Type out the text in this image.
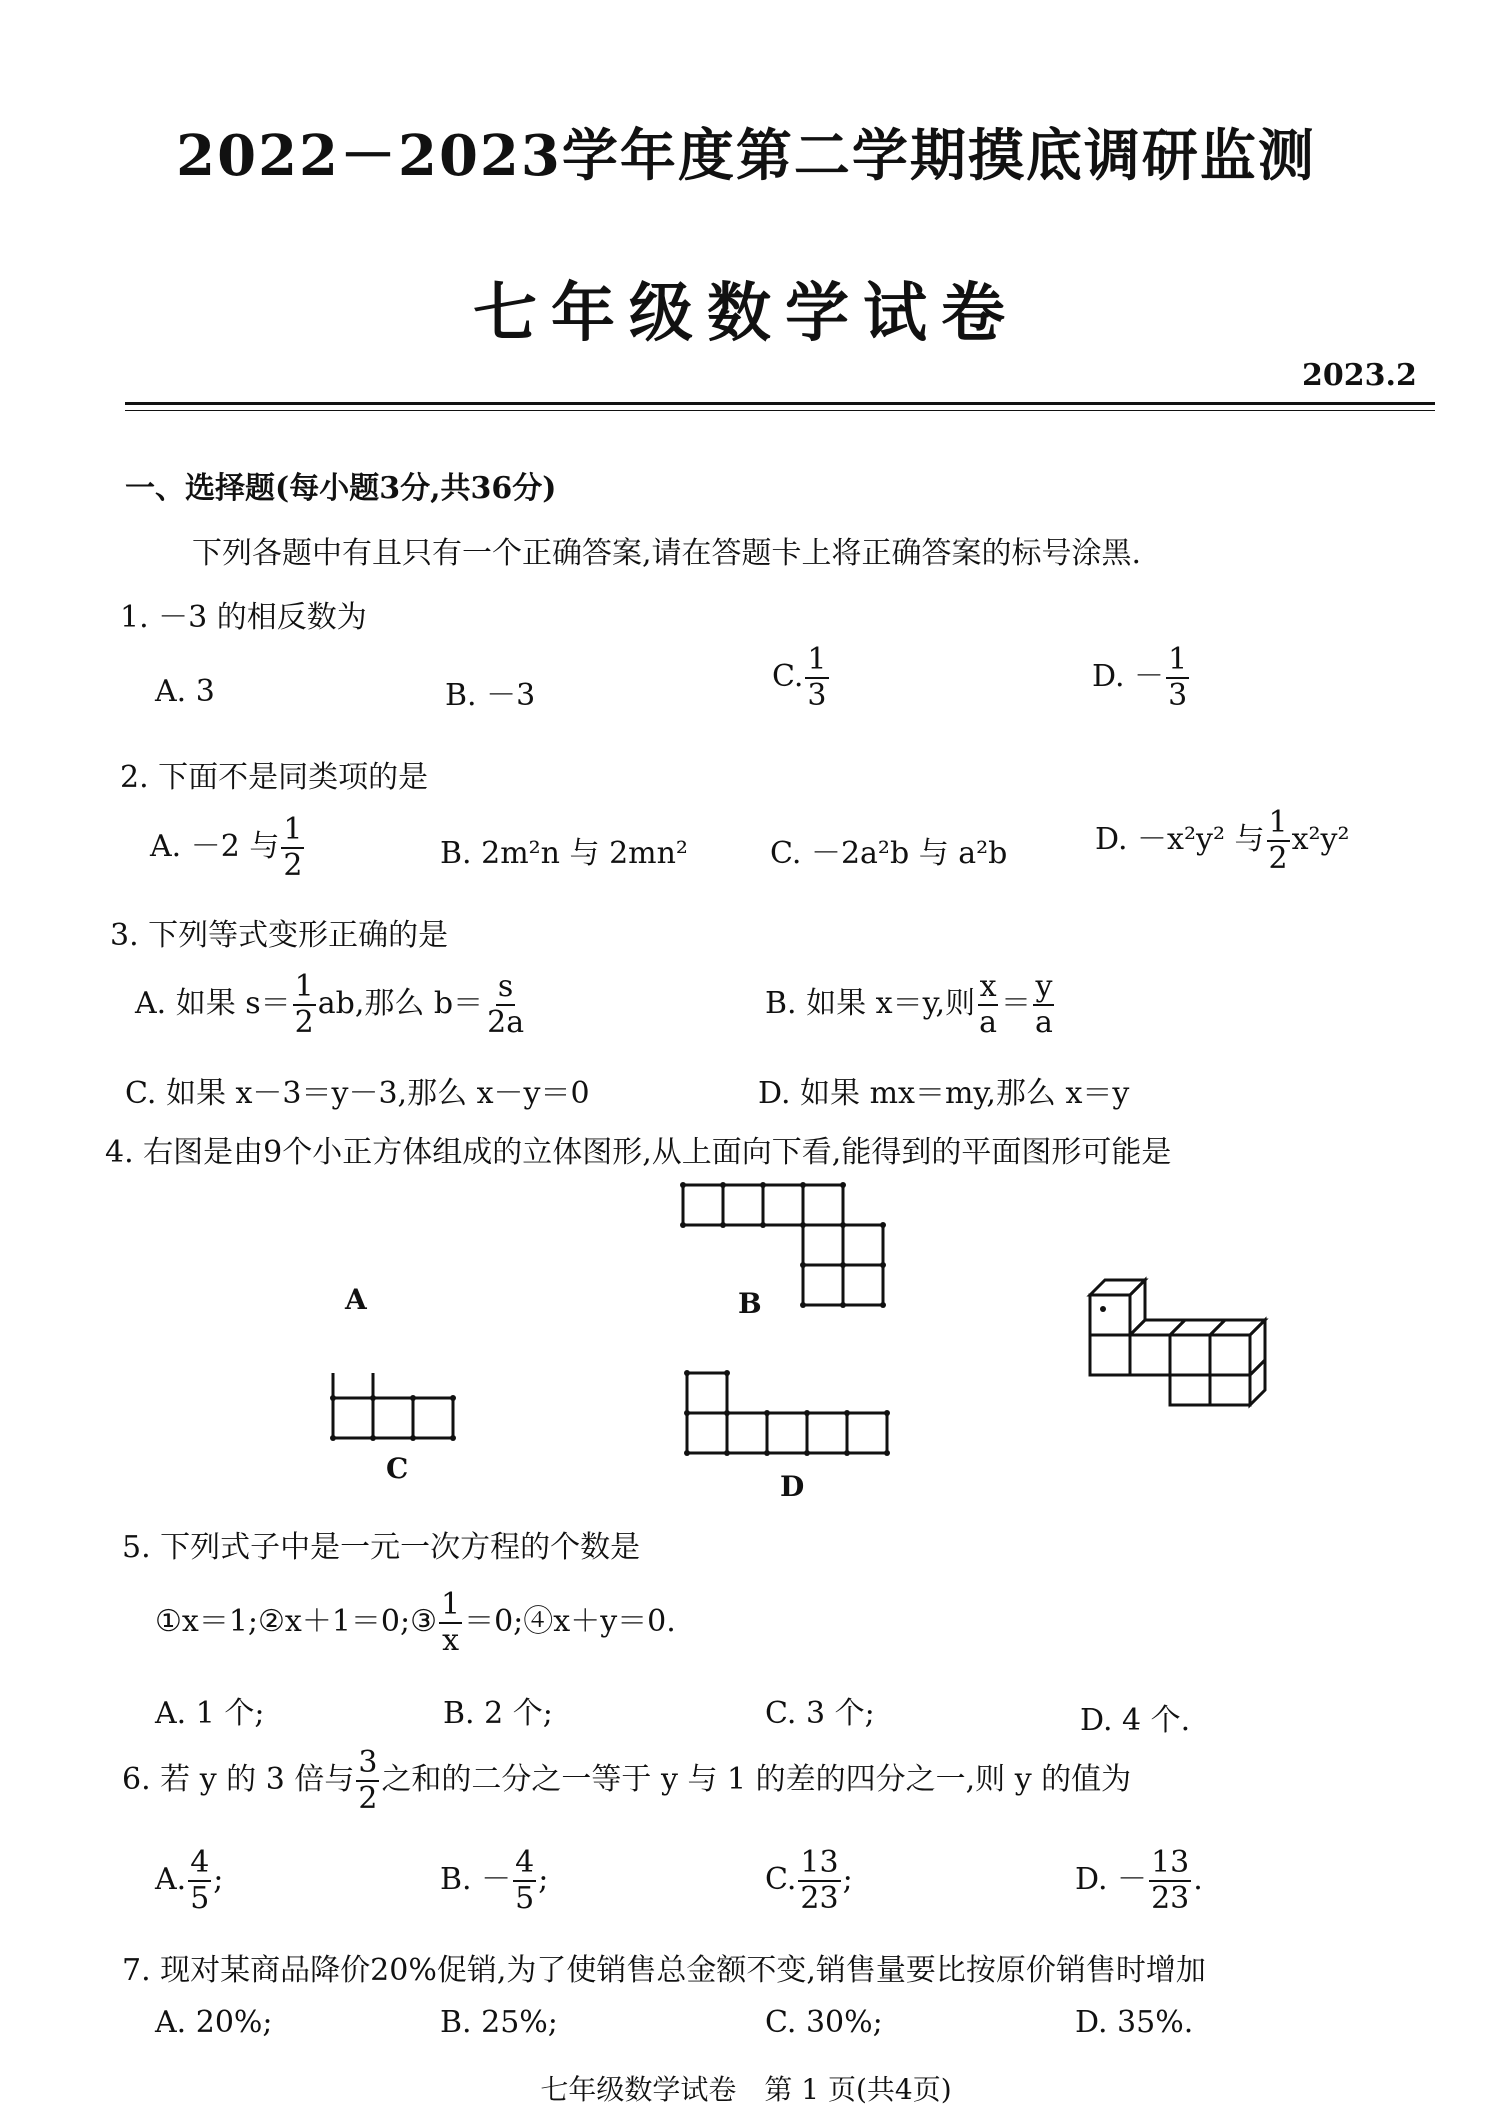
2022－2023学年度第二学期摸底调研监测
七年级数学试卷
2023.2
一、选择题(每小题3分,共36分)
下列各题中有且只有一个正确答案,请在答题卡上将正确答案的标号涂黑.
1. －3 的相反数为
A. 3	B. －3
C. $\frac{1}{3}$	D. － $\frac{1}{3}$
2. 下面不是同类项的是
A. －2 与 $\frac{1}{2}$	B. 2m²n 与 2mn²	C. －2a²b 与 a²b	D. －x²y² 与 $\frac{1}{2} x^2y^2$
3. 下列等式变形正确的是
A. 如果 $s= \frac{1}{2}$ ab,那么 $b= \frac{s}{2a}$	B. 如果 x＝y,则 $\frac{x}{a} = \frac{y}{a}$
C. 如果 x－3＝y－3,那么 x－y＝0	D. 如果 mx＝my,那么 x＝y
4. 右图是由9个小正方体组成的立体图形,从上面向下看,能得到的平面图形可能是
A	B
C
D
5. 下列式子中是一元一次方程的个数是
①x＝1;②x＋1＝0;③ $\frac{1}{x}$ ＝0;④x＋y＝0.
A. 1 个;	B. 2 个;	C. 3 个;	D. 4 个.
6. 若 y 的 3 倍与 $\frac{3}{2}$ 之和的二分之一等于 y 与 1 的差的四分之一,则 y 的值为
A. $\frac{4}{5}$ ;	B. － $\frac{4}{5}$ ;	C. $\frac{13}{23}$ ;	D. － $\frac{13}{23}$ .
7. 现对某商品降价20%促销,为了使销售总金额不变,销售量要比按原价销售时增加
A. 20%;	B. 25%;	C. 30%;	D. 35%.
七年级数学试卷　第 1 页(共4页)
